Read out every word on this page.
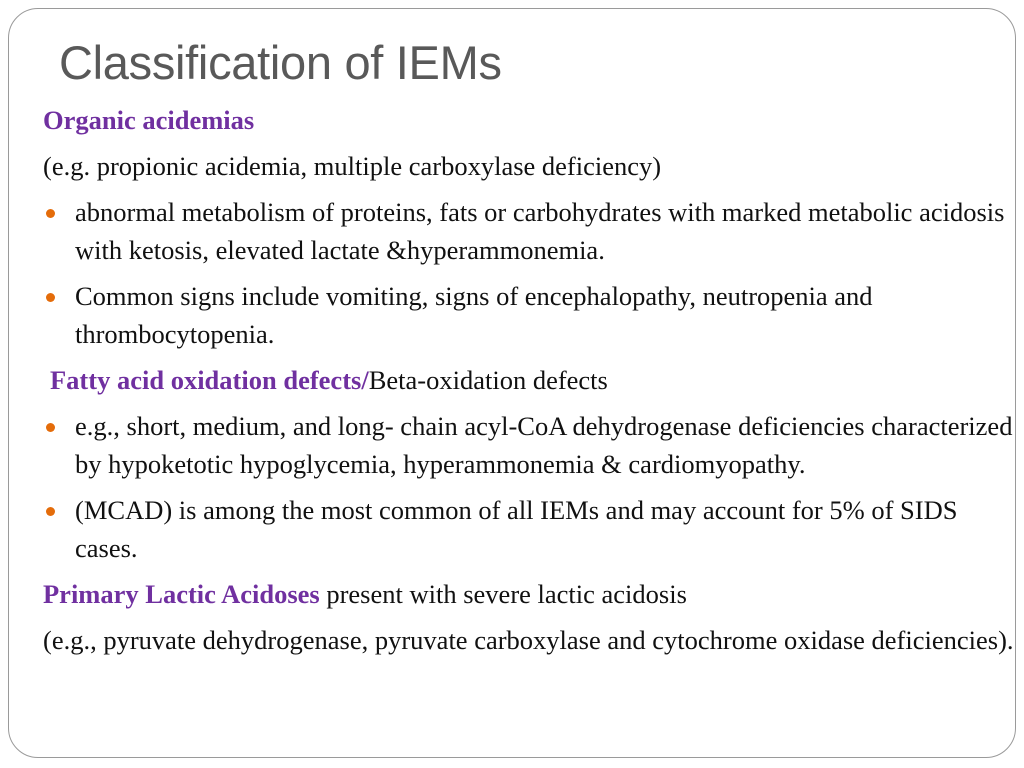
Classification of IEMs
Organic acidemias
(e.g. propionic acidemia, multiple carboxylase deficiency)
abnormal metabolism of proteins, fats or carbohydrates with marked metabolic acidosis with ketosis, elevated lactate &hyperammonemia.
Common signs include vomiting, signs of encephalopathy, neutropenia and thrombocytopenia.
Fatty acid oxidation defects/Beta-oxidation defects
e.g., short, medium, and long- chain acyl-CoA dehydrogenase deficiencies characterized by hypoketotic hypoglycemia, hyperammonemia & cardiomyopathy.
(MCAD) is among the most common of all IEMs and may account for 5% of SIDS cases.
Primary Lactic Acidoses present with severe lactic acidosis
(e.g., pyruvate dehydrogenase, pyruvate carboxylase and cytochrome oxidase deficiencies).
